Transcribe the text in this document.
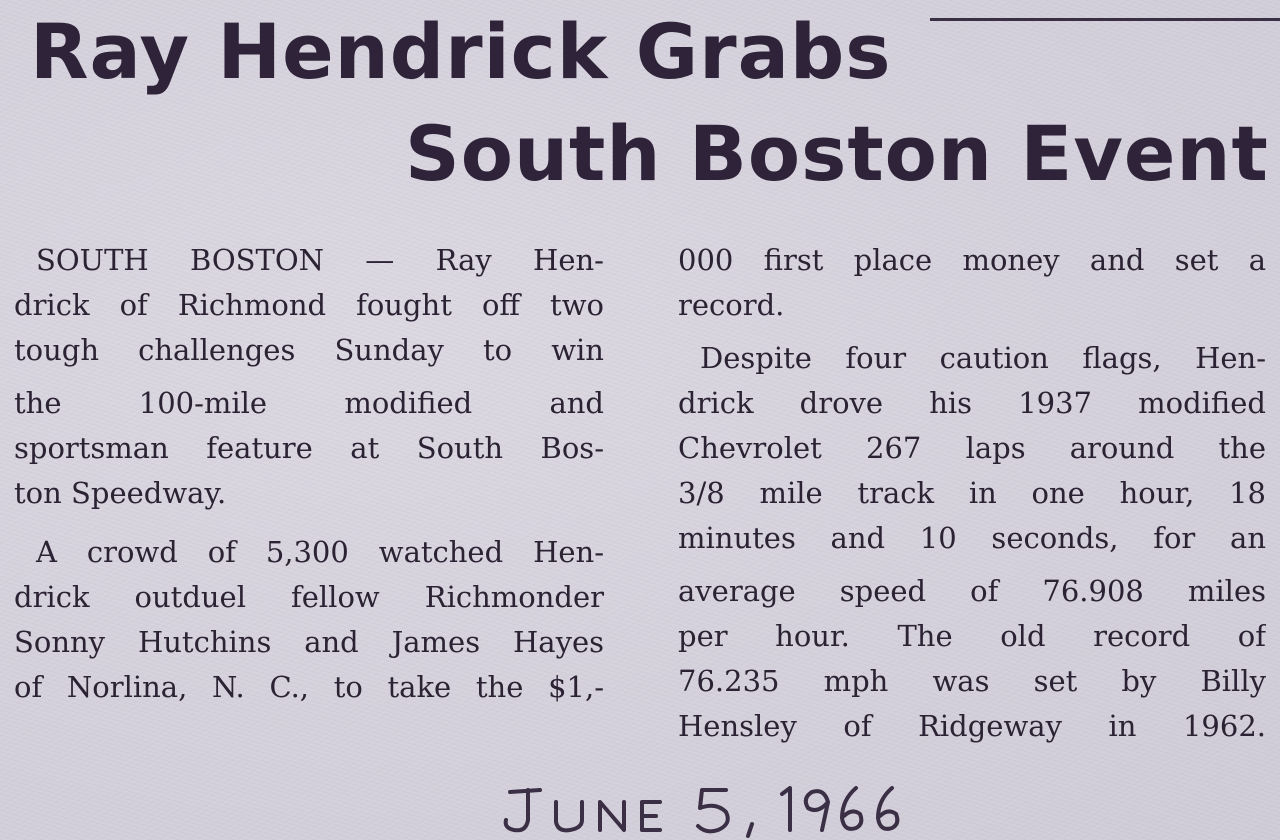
Ray Hendrick Grabs
South Boston Event
SOUTH BOSTON — Ray Hen-
drick of Richmond fought off two
tough challenges Sunday to win
the 100-mile modified and
sportsman feature at South Bos-
ton Speedway.
A crowd of 5,300 watched Hen-
drick outduel fellow Richmonder
Sonny Hutchins and James Hayes
of Norlina, N. C., to take the $1,-
000 first place money and set a
record.
Despite four caution flags, Hen-
drick drove his 1937 modified
Chevrolet 267 laps around the
3/8 mile track in one hour, 18
minutes and 10 seconds, for an
average speed of 76.908 miles
per hour. The old record of
76.235 mph was set by Billy
Hensley of Ridgeway in 1962.
